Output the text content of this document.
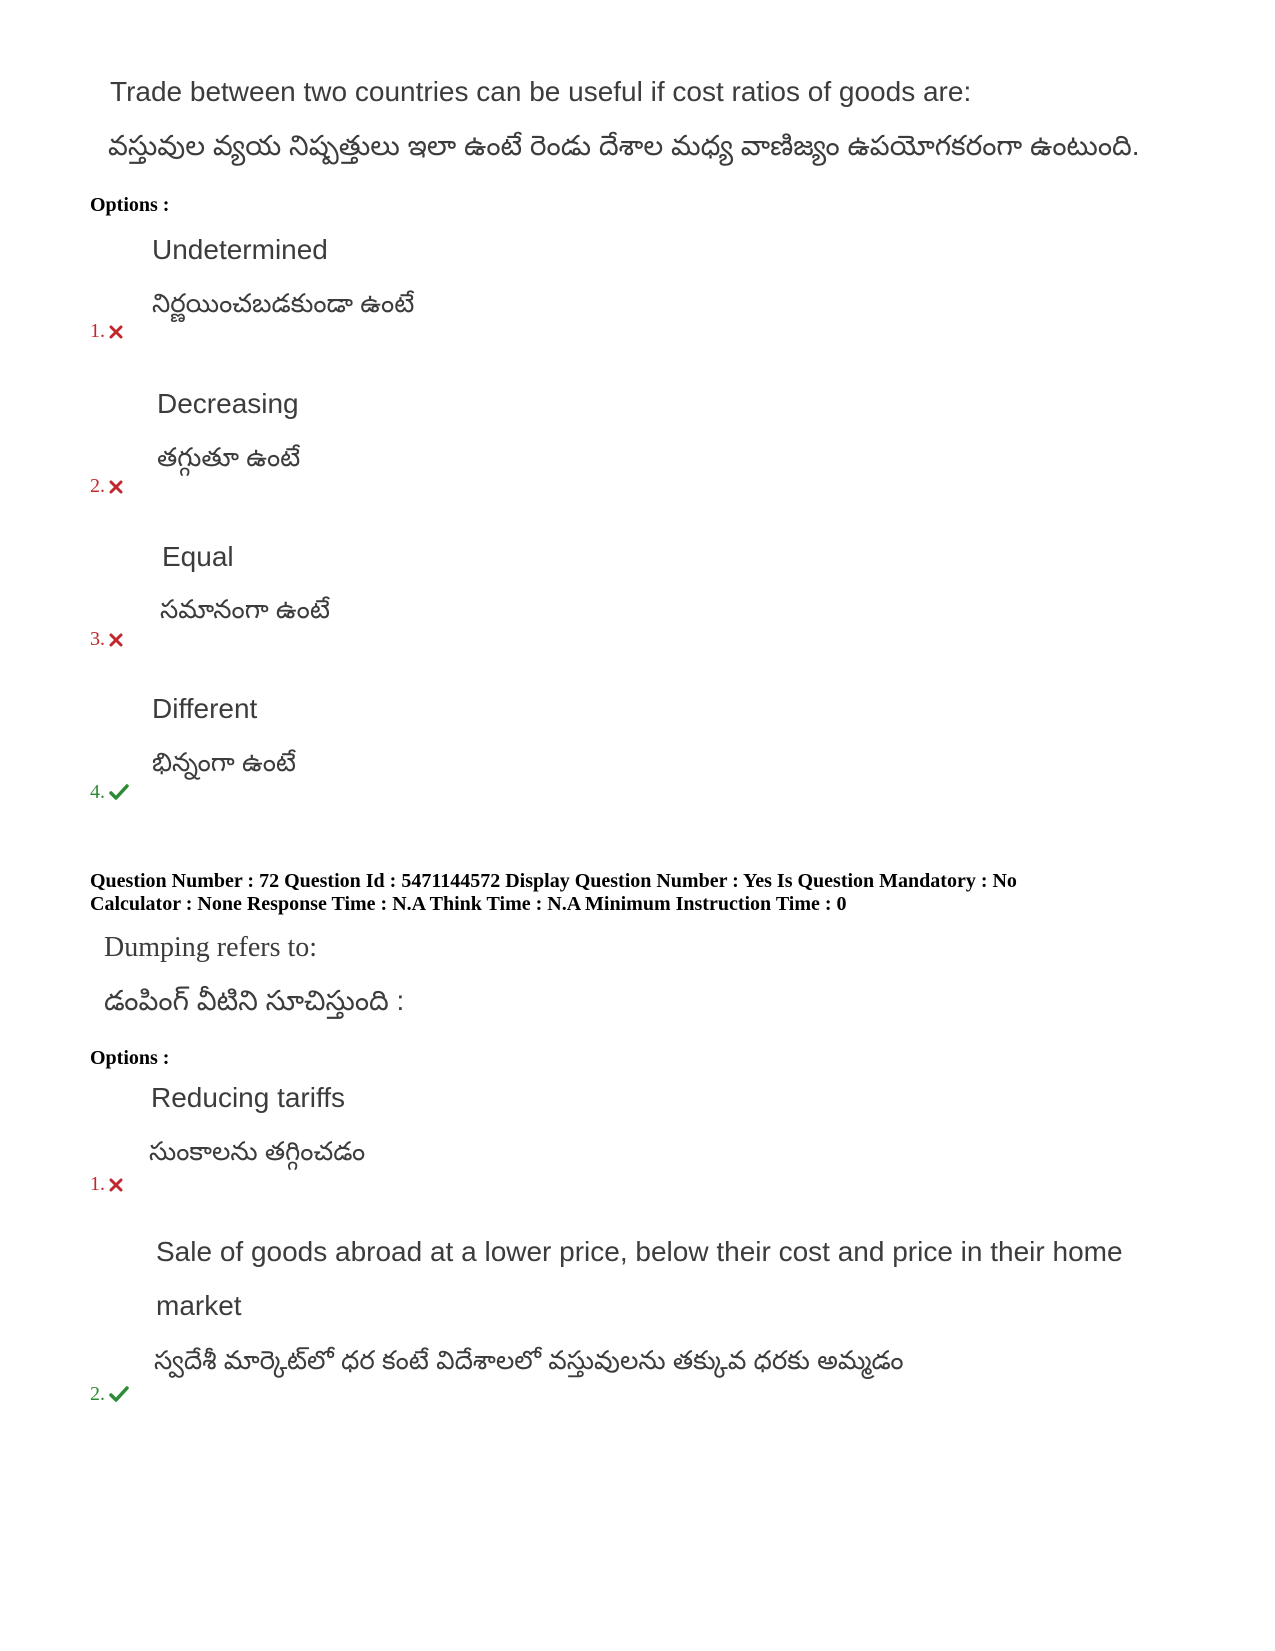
Trade between two countries can be useful if cost ratios of goods are:
వస్తువుల వ్యయ నిష్పత్తులు ఇలా ఉంటే రెండు దేశాల మధ్య వాణిజ్యం ఉపయోగకరంగా ఉంటుంది.
Options :
Undetermined
నిర్ణయించబడకుండా ఉంటే
1.
Decreasing
తగ్గుతూ ఉంటే
2.
Equal
సమానంగా ఉంటే
3.
Different
భిన్నంగా ఉంటే
4.
Question Number : 72 Question Id : 5471144572 Display Question Number : Yes Is Question Mandatory : No
Calculator : None Response Time : N.A Think Time : N.A Minimum Instruction Time : 0
Dumping refers to:
డంపింగ్ వీటిని సూచిస్తుంది :
Options :
Reducing tariffs
సుంకాలను తగ్గించడం
1.
Sale of goods abroad at a lower price, below their cost and price in their home
market
స్వదేశీ మార్కెట్‌లో ధర కంటే విదేశాలలో వస్తువులను తక్కువ ధరకు అమ్మడం
2.
